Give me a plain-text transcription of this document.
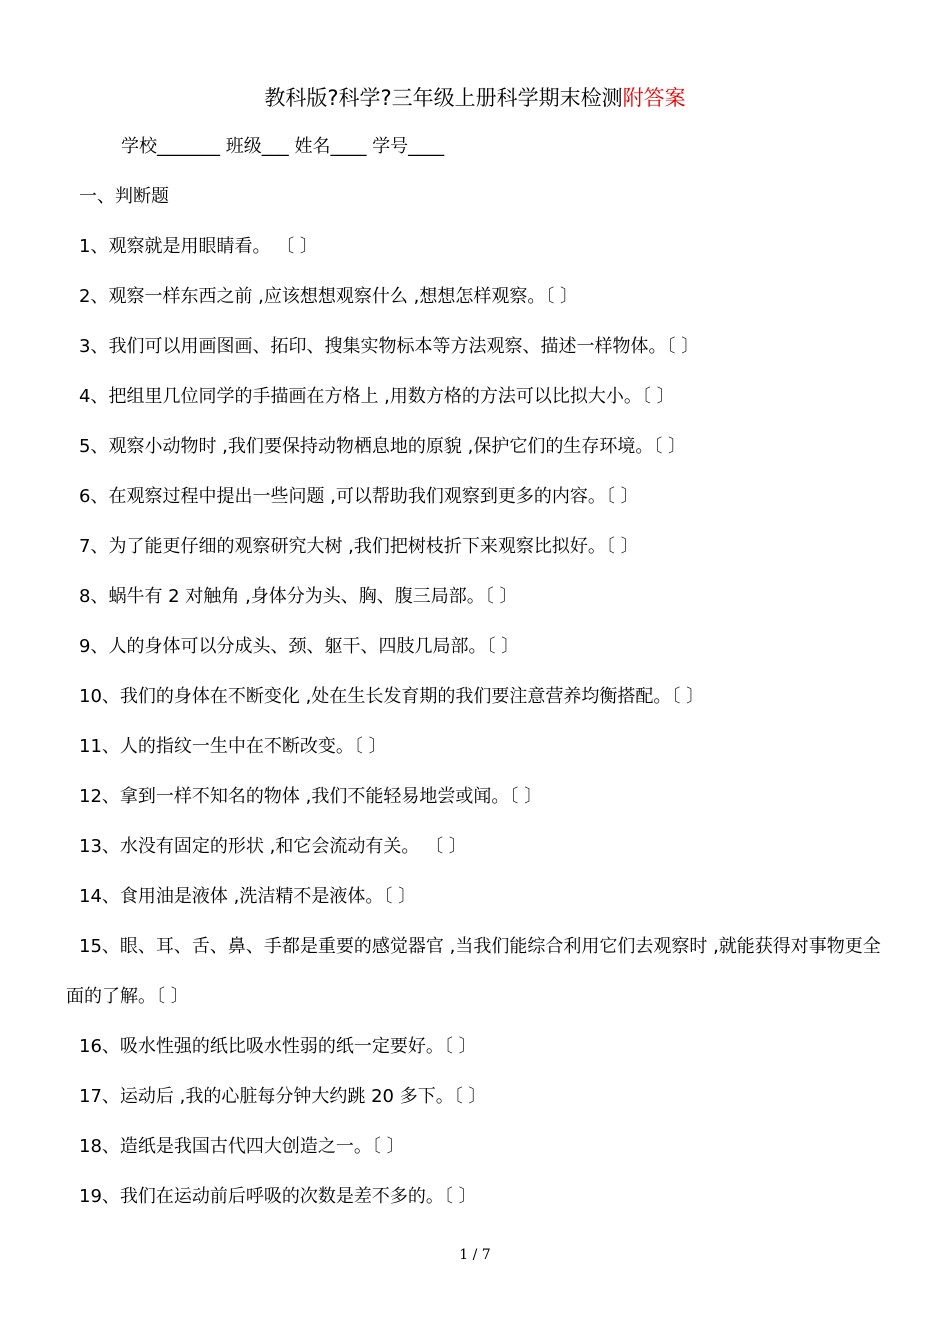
教科版?科学?三年级上册科学期末检测附答案
学校_______ 班级___ 姓名____ 学号____
一、判断题
1、观察就是用眼睛看。 〔 〕
2、观察一样东西之前 ,应该想想观察什么 ,想想怎样观察。〔 〕
3、我们可以用画图画、拓印、搜集实物标本等方法观察、描述一样物体。〔 〕
4、把组里几位同学的手描画在方格上 ,用数方格的方法可以比拟大小。〔 〕
5、观察小动物时 ,我们要保持动物栖息地的原貌 ,保护它们的生存环境。〔 〕
6、在观察过程中提出一些问题 ,可以帮助我们观察到更多的内容。〔 〕
7、为了能更仔细的观察研究大树 ,我们把树枝折下来观察比拟好。〔 〕
8、蜗牛有 2 对触角 ,身体分为头、胸、腹三局部。〔 〕
9、人的身体可以分成头、颈、躯干、四肢几局部。〔 〕
10、我们的身体在不断变化 ,处在生长发育期的我们要注意营养均衡搭配。〔 〕
11、人的指纹一生中在不断改变。〔 〕
12、拿到一样不知名的物体 ,我们不能轻易地尝或闻。〔 〕
13、水没有固定的形状 ,和它会流动有关。 〔 〕
14、食用油是液体 ,洗洁精不是液体。〔 〕
15、眼、耳、舌、鼻、手都是重要的感觉器官 ,当我们能综合利用它们去观察时 ,就能获得对事物更全面的了解。〔 〕
16、吸水性强的纸比吸水性弱的纸一定要好。〔 〕
17、运动后 ,我的心脏每分钟大约跳 20 多下。〔 〕
18、造纸是我国古代四大创造之一。〔 〕
19、我们在运动前后呼吸的次数是差不多的。〔 〕
1 / 7
